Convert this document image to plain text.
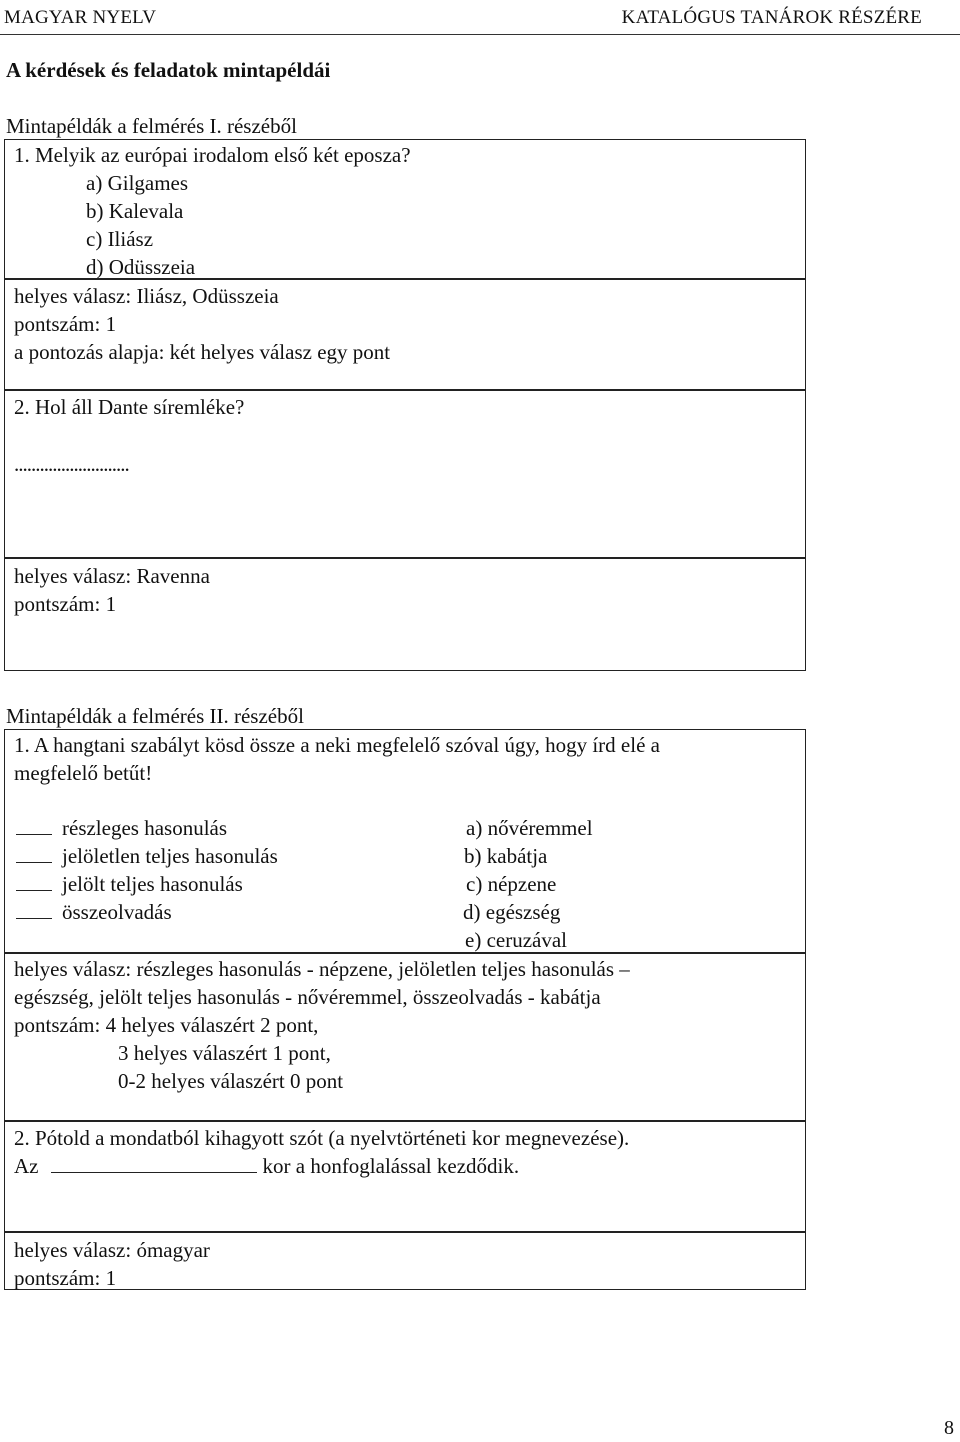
MAGYAR NYELV	KATALÓGUS TANÁROK RÉSZÉRE
A kérdések és feladatok mintapéldái
Mintapéldák a felmérés I. részéből
1. Melyik az európai irodalom első két eposza?
a) Gilgames
b) Kalevala
c) Iliász
d) Odüsszeia
helyes válasz: Iliász, Odüsszeia
pontszám: 1
a pontozás alapja: két helyes válasz egy pont
2. Hol áll Dante síremléke?
...........................
helyes válasz: Ravenna
pontszám: 1
Mintapéldák a felmérés II. részéből
1. A hangtani szabályt kösd össze a neki megfelelő szóval úgy, hogy írd elé a
megfelelő betűt!
részleges hasonulás
jelöletlen teljes hasonulás
jelölt teljes hasonulás
összeolvadás
a) nővéremmel
b) kabátja
c) népzene
d) egészség
e) ceruzával
helyes válasz: részleges hasonulás - népzene, jelöletlen teljes hasonulás –
egészség, jelölt teljes hasonulás - nővéremmel, összeolvadás - kabátja
pontszám: 4 helyes válaszért 2 pont,
3 helyes válaszért 1 pont,
0-2 helyes válaszért 0 pont
2. Pótold a mondatból kihagyott szót (a nyelvtörténeti kor megnevezése).
Az	kor a honfoglalással kezdődik.
helyes válasz: ómagyar
pontszám: 1
8
